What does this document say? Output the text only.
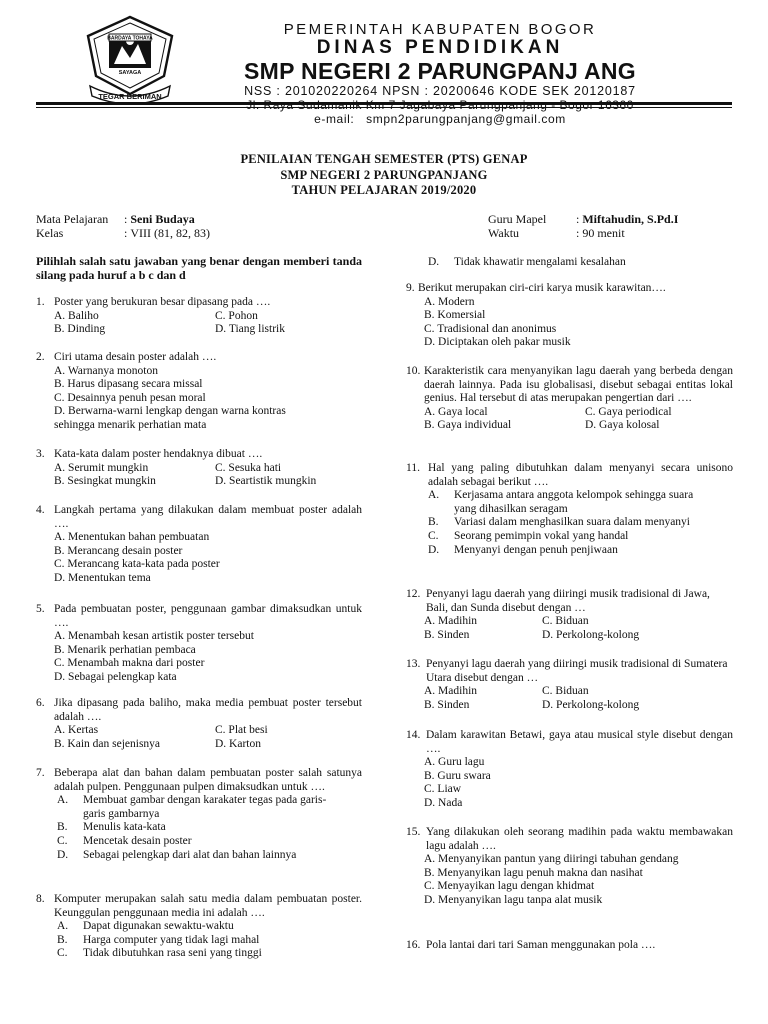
BARDAYA TOHAYA
SAYAGA
TEGAR BERIMAN
PEMERINTAH KABUPATEN BOGOR
DINAS PENDIDIKAN
SMP NEGERI 2 PARUNGPANJ ANG
NSS : 201020220264 NPSN : 20200646 KODE SEK 20120187
Jl. Raya Sudamanik Km 7 Jagabaya Parungpanjang - Bogor 16360
e-mail: smpn2parungpanjang@gmail.com
PENILAIAN TENGAH SEMESTER (PTS) GENAP
SMP NEGERI 2 PARUNGPANJANG
TAHUN PELAJARAN 2019/2020
Mata Pelajaran : Seni Budaya
Kelas	: VIII (81, 82, 83)
Guru Mapel : Miftahudin, S.Pd.I
Waktu	: 90 menit
Pilihlah salah satu jawaban yang benar dengan memberi tanda silang pada huruf a b c dan d
1. Poster yang berukuran besar dipasang pada ….
A. Baliho	C. Pohon
B. Dinding	D. Tiang listrik
2. Ciri utama desain poster adalah ….
A. Warnanya monoton
B. Harus dipasang secara missal
C. Desainnya penuh pesan moral
D. Berwarna-warni lengkap dengan warna kontras sehingga menarik perhatian mata
3. Kata-kata dalam poster hendaknya dibuat ….
A. Serumit mungkin	C. Sesuka hati
B. Sesingkat mungkin	D. Seartistik mungkin
4. Langkah pertama yang dilakukan dalam membuat poster adalah ….
A. Menentukan bahan pembuatan
B. Merancang desain poster
C. Merancang kata-kata pada poster
D. Menentukan tema
5. Pada pembuatan poster, penggunaan gambar dimaksudkan untuk ….
A. Menambah kesan artistik poster tersebut
B. Menarik perhatian pembaca
C. Menambah makna dari poster
D. Sebagai pelengkap kata
6. Jika dipasang pada baliho, maka media pembuat poster tersebut adalah ….
A. Kertas	C. Plat besi
B. Kain dan sejenisnya	D. Karton
7. Beberapa alat dan bahan dalam pembuatan poster salah satunya adalah pulpen. Penggunaan pulpen dimaksudkan untuk ….
A.	Membuat gambar dengan karakater tegas pada garis-garis gambarnya
B.	Menulis kata-kata
C.	Mencetak desain poster
D.	Sebagai pelengkap dari alat dan bahan lainnya
8. Komputer merupakan salah satu media dalam pembuatan poster. Keunggulan penggunaan media ini adalah ….
A.	Dapat digunakan sewaktu-waktu
B.	Harga computer yang tidak lagi mahal
C.	Tidak dibutuhkan rasa seni yang tinggi
D.	Tidak khawatir mengalami kesalahan
9. Berikut merupakan ciri-ciri karya musik karawitan….
A. Modern
B. Komersial
C. Tradisional dan anonimus
D. Diciptakan oleh pakar musik
10. Karakteristik cara menyanyikan lagu daerah yang berbeda dengan daerah lainnya. Pada isu globalisasi, disebut sebagai entitas lokal genius. Hal tersebut di atas merupakan pengertian dari ….
A. Gaya local	C. Gaya periodical
B. Gaya individual	D. Gaya kolosal
11. Hal yang paling dibutuhkan dalam menyanyi secara unisono adalah sebagai berikut ….
A.	Kerjasama antara anggota kelompok sehingga suara yang dihasilkan seragam
B.	Variasi dalam menghasilkan suara dalam menyanyi
C.	Seorang pemimpin vokal yang handal
D.	Menyanyi dengan penuh penjiwaan
12. Penyanyi lagu daerah yang diiringi musik tradisional di Jawa, Bali, dan Sunda disebut dengan …
A. Madihin	C. Biduan
B. Sinden	D. Perkolong-kolong
13. Penyanyi lagu daerah yang diiringi musik tradisional di Sumatera Utara disebut dengan …
A. Madihin	C. Biduan
B. Sinden	D. Perkolong-kolong
14. Dalam karawitan Betawi, gaya atau musical style disebut dengan ….
A. Guru lagu
B. Guru swara
C. Liaw
D. Nada
15. Yang dilakukan oleh seorang madihin pada waktu membawakan lagu adalah ….
A. Menyanyikan pantun yang diiringi tabuhan gendang
B. Menyanyikan lagu penuh makna dan nasihat
C. Menyayikan lagu dengan khidmat
D. Menyanyikan lagu tanpa alat musik
16. Pola lantai dari tari Saman menggunakan pola ….
